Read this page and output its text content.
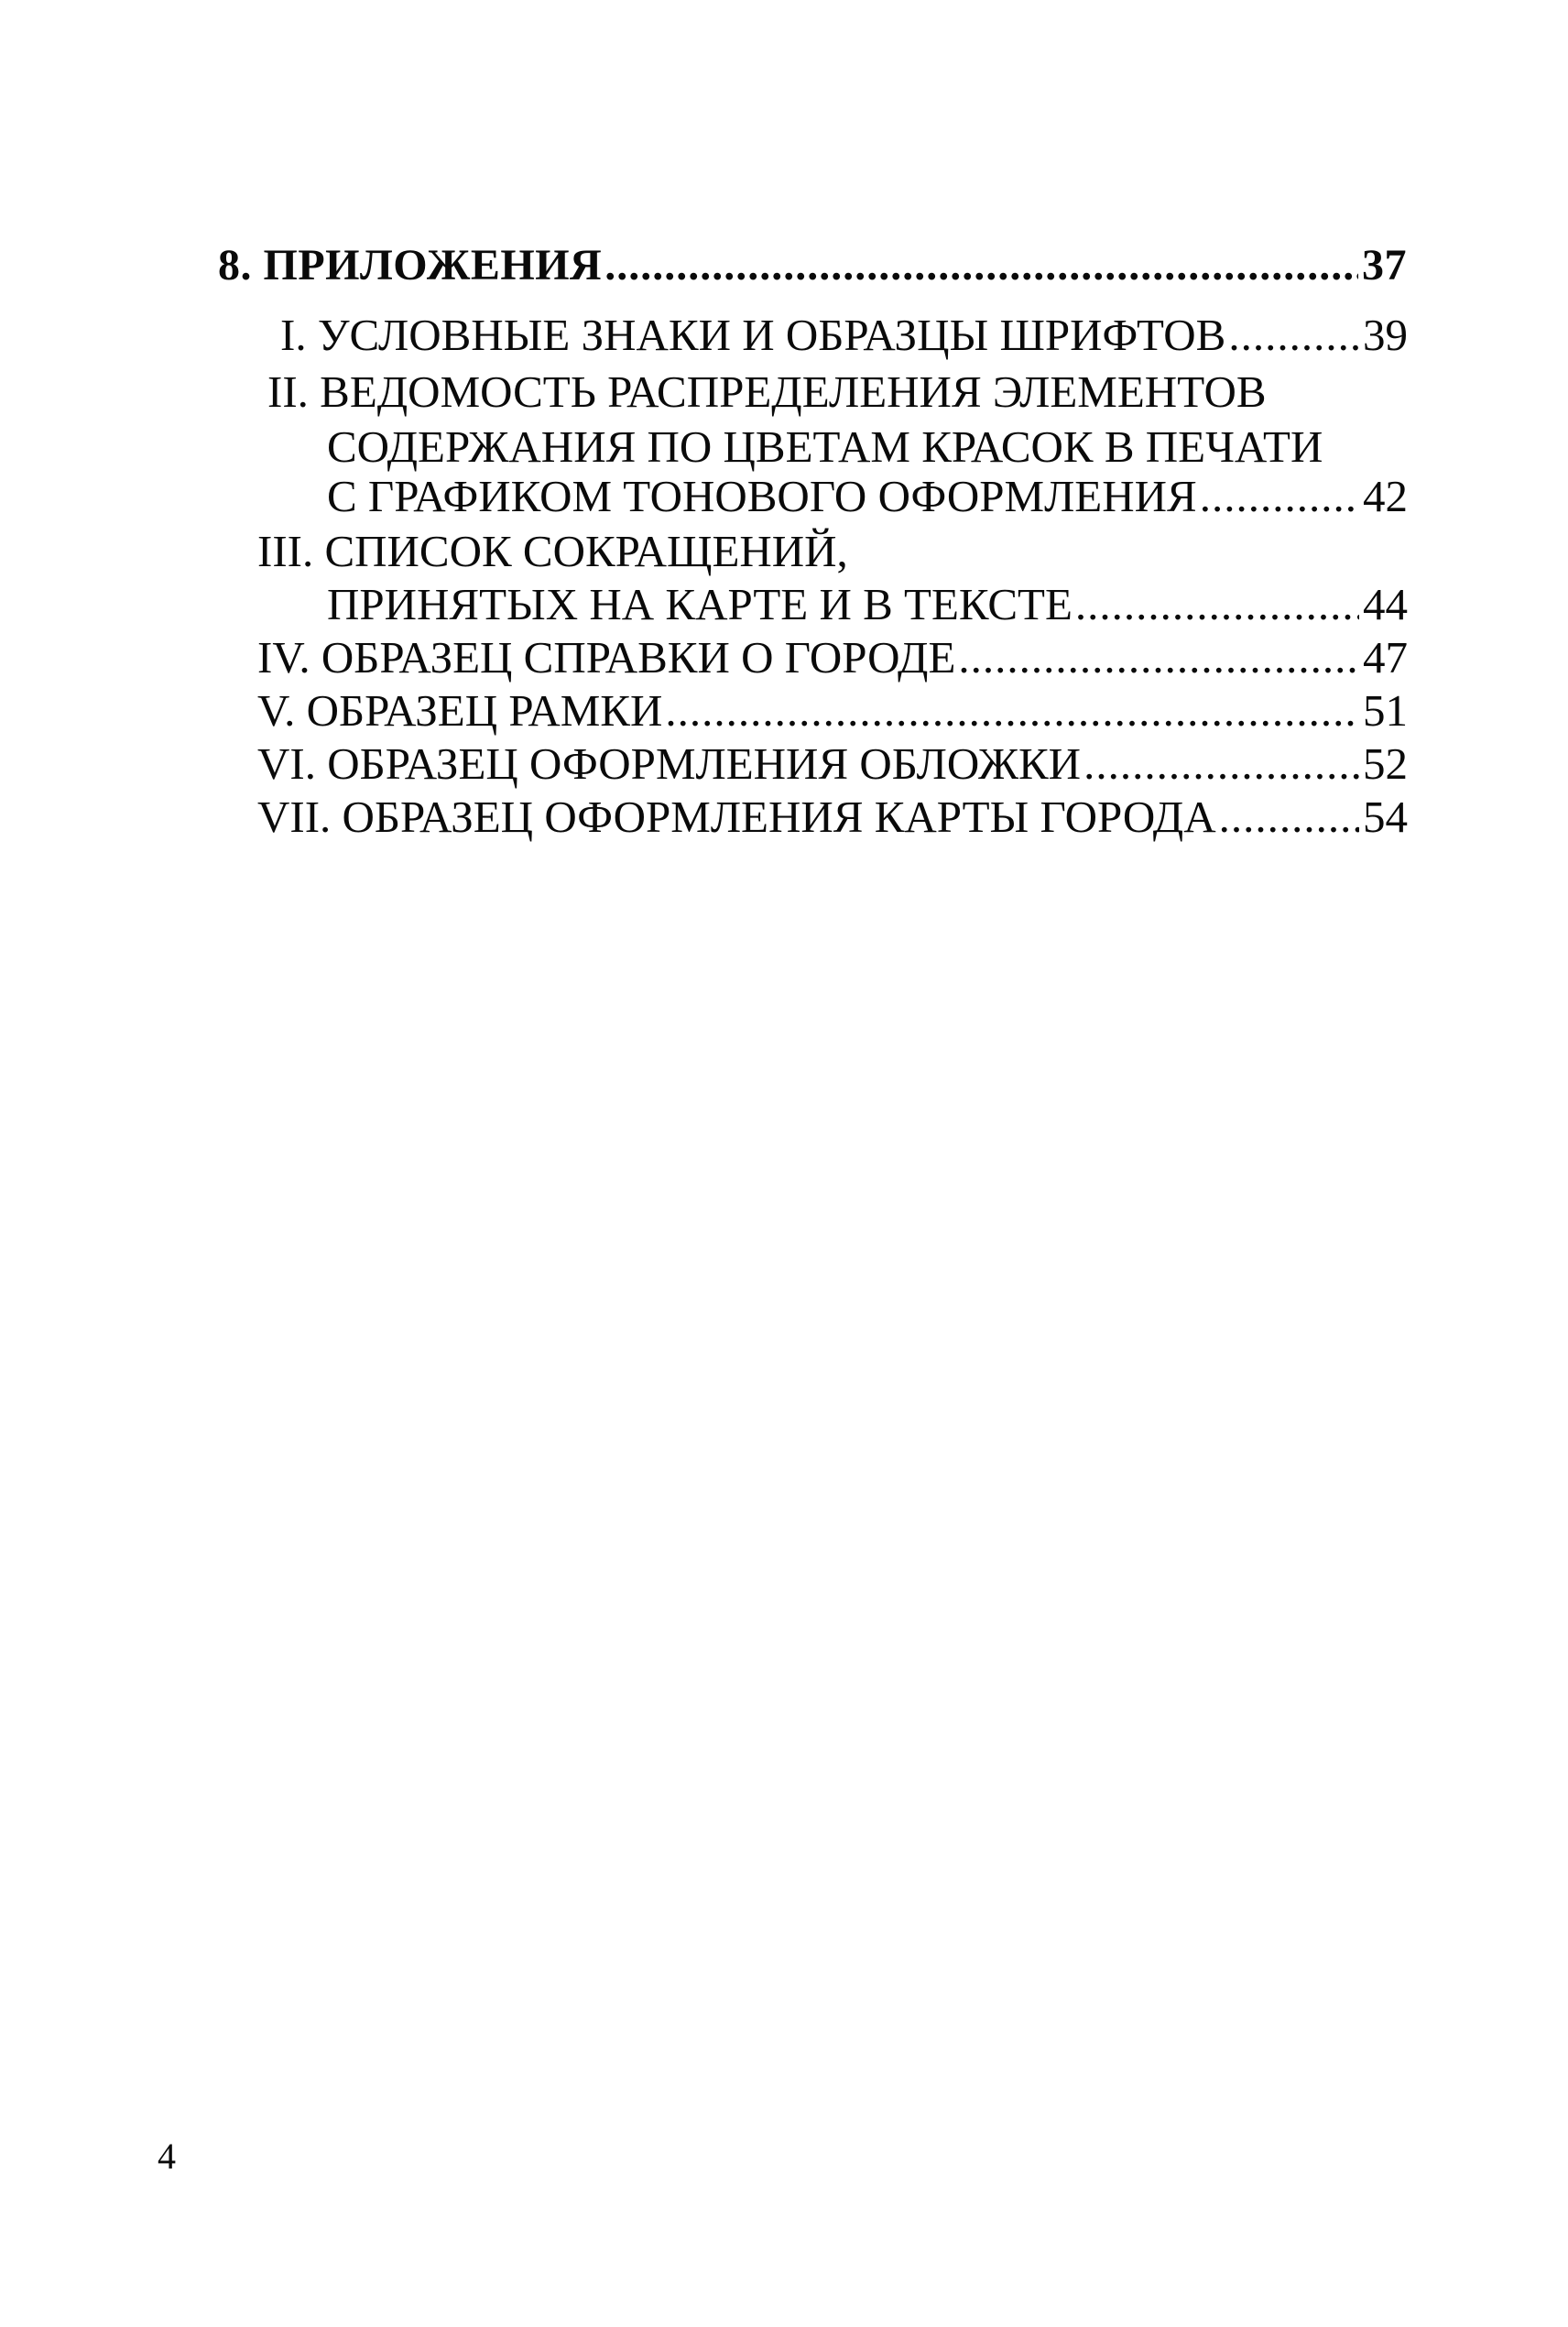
8. ПРИЛОЖЕНИЯ .....	37
I. УСЛОВНЫЕ ЗНАКИ И ОБРАЗЦЫ ШРИФТОВ .....	39
II. ВЕДОМОСТЬ РАСПРЕДЕЛЕНИЯ ЭЛЕМЕНТОВ
СОДЕРЖАНИЯ ПО ЦВЕТАМ КРАСОК В ПЕЧАТИ
С ГРАФИКОМ ТОНОВОГО ОФОРМЛЕНИЯ .....	42
III. СПИСОК СОКРАЩЕНИЙ,
ПРИНЯТЫХ НА КАРТЕ И В ТЕКСТЕ .....	44
IV. ОБРАЗЕЦ СПРАВКИ О ГОРОДЕ .....	47
V. ОБРАЗЕЦ РАМКИ .....	51
VI. ОБРАЗЕЦ ОФОРМЛЕНИЯ ОБЛОЖКИ .....	52
VII. ОБРАЗЕЦ ОФОРМЛЕНИЯ КАРТЫ ГОРОДА .....	54
4
